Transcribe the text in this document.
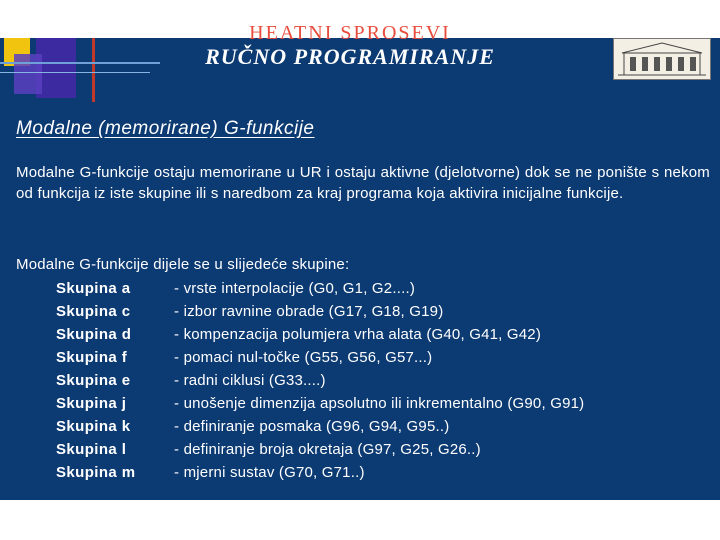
HEATNI SPROSEVI
RUČNO PROGRAMIRANJE
Modalne (memorirane) G-funkcije
Modalne G-funkcije ostaju memorirane u UR i ostaju aktivne (djelotvorne) dok se ne ponište s nekom od funkcija iz iste skupine ili s naredbom za kraj programa koja aktivira inicijalne funkcije.
Modalne G-funkcije dijele se u slijedeće skupine:
Skupina a	- vrste interpolacije (G0, G1, G2....)
Skupina c	- izbor ravnine obrade (G17, G18, G19)
Skupina d	- kompenzacija polumjera vrha alata (G40, G41, G42)
Skupina f	- pomaci nul-točke (G55, G56, G57...)
Skupina e	- radni ciklusi (G33....)
Skupina j	- unošenje dimenzija apsolutno ili inkrementalno (G90, G91)
Skupina k	- definiranje posmaka (G96, G94, G95..)
Skupina l	- definiranje broja okretaja (G97, G25, G26..)
Skupina m	- mjerni sustav (G70, G71..)
